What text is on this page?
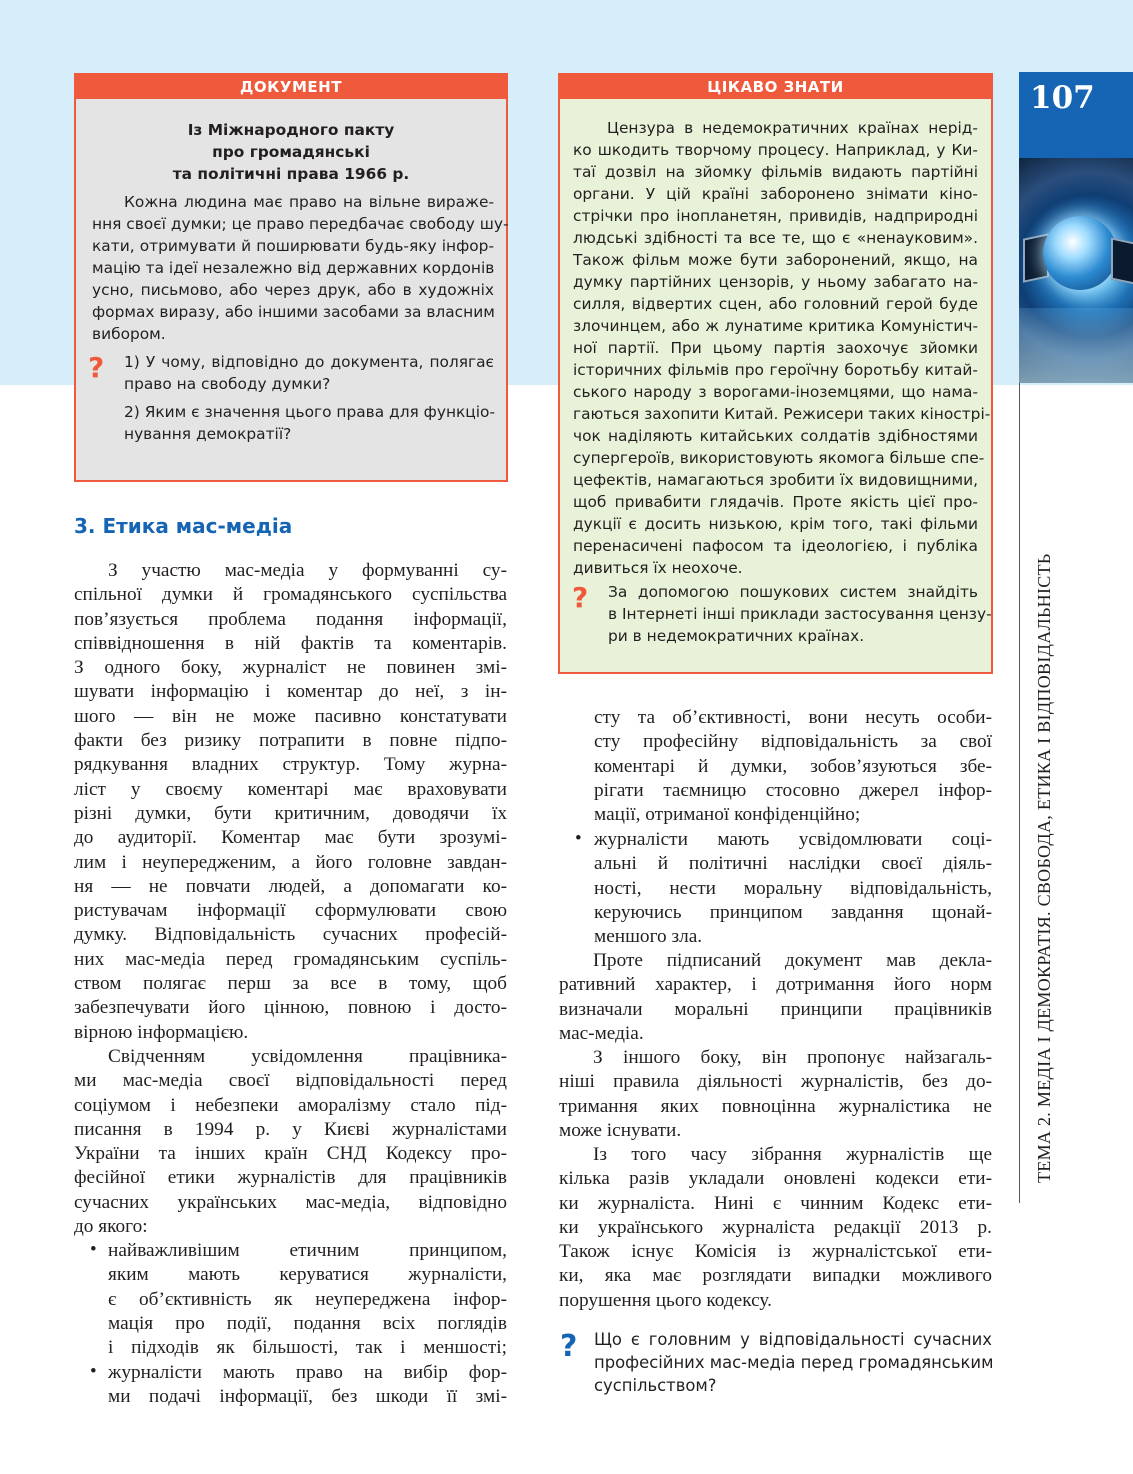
107
ТЕМА 2. МЕДІА І ДЕМОКРАТІЯ. СВОБОДА, ЕТИКА І ВІДПОВІДАЛЬНІСТЬ
ДОКУМЕНТ
Із Міжнародного пакту
про громадянські
та політичні права 1966 р.
Кожна людина має право на вільне вираже-
ння своєї думки; це право передбачає свободу шу-
кати, отримувати й поширювати будь-яку інфор-
мацію та ідеї незалежно від державних кордонів
усно, письмово, або через друк, або в художніх
формах виразу, або іншими засобами за власним
вибором.
? 1) У чому, відповідно до документа, полягає
право на свободу думки?
2) Яким є значення цього права для функціо-
нування демократії?
ЦІКАВО ЗНАТИ
Цензура в недемократичних країнах нерід-
ко шкодить творчому процесу. Наприклад, у Ки-
таї дозвіл на зйомку фільмів видають партійні
органи. У цій країні заборонено знімати кіно-
стрічки про інопланетян, привидів, надприродні
людські здібності та все те, що є «ненауковим».
Також фільм може бути заборонений, якщо, на
думку партійних цензорів, у ньому забагато на-
силля, відвертих сцен, або головний герой буде
злочинцем, або ж лунатиме критика Комуністич-
ної партії. При цьому партія заохочує зйомки
історичних фільмів про героїчну боротьбу китай-
ського народу з ворогами-іноземцями, що нама-
гаються захопити Китай. Режисери таких кінострі-
чок наділяють китайських солдатів здібностями
супергероїв, використовують якомога більше спе-
цефектів, намагаються зробити їх видовищними,
щоб привабити глядачів. Проте якість цієї про-
дукції є досить низькою, крім того, такі фільми
перенасичені пафосом та ідеологією, і публіка
дивиться їх неохоче.
? За допомогою пошукових систем знайдіть
в Інтернеті інші приклади застосування цензу-
ри в недемократичних країнах.
3. Етика мас-медіа
З участю мас-медіа у формуванні су-
спільної думки й громадянського суспільства
пов’язується проблема подання інформації,
співвідношення в ній фактів та коментарів.
З одного боку, журналіст не повинен змі-
шувати інформацію і коментар до неї, з ін-
шого — він не може пасивно констатувати
факти без ризику потрапити в повне підпо-
рядкування владних структур. Тому журна-
ліст у своєму коментарі має враховувати
різні думки, бути критичним, доводячи їх
до аудиторії. Коментар має бути зрозумі-
лим і неупередженим, а його головне завдан-
ня — не повчати людей, а допомагати ко-
ристувачам інформації сформулювати свою
думку. Відповідальність сучасних професій-
них мас-медіа перед громадянським суспіль-
ством полягає перш за все в тому, щоб
забезпечувати його цінною, повною і досто-
вірною інформацією.
Свідченням усвідомлення працівника-
ми мас-медіа своєї відповідальності перед
соціумом і небезпеки аморалізму стало під-
писання в 1994 р. у Києві журналістами
України та інших країн СНД Кодексу про-
фесійної етики журналістів для працівників
сучасних українських мас-медіа, відповідно
до якого:
• найважливішим етичним принципом,
яким мають керуватися журналісти,
є об’єктивність як неупереджена інфор-
мація про події, подання всіх поглядів
і підходів як більшості, так і меншості;
• журналісти мають право на вибір фор-
ми подачі інформації, без шкоди її змі-
сту та об’єктивності, вони несуть особи-
сту професійну відповідальність за свої
коментарі й думки, зобов’язуються збе-
рігати таємницю стосовно джерел інфор-
мації, отриманої конфіденційно;
• журналісти мають усвідомлювати соці-
альні й політичні наслідки своєї діяль-
ності, нести моральну відповідальність,
керуючись принципом завдання щонай-
меншого зла.
Проте підписаний документ мав декла-
ративний характер, і дотримання його норм
визначали моральні принципи працівників
мас-медіа.
З іншого боку, він пропонує найзагаль-
ніші правила діяльності журналістів, без до-
тримання яких повноцінна журналістика не
може існувати.
Із того часу зібрання журналістів ще
кілька разів укладали оновлені кодекси ети-
ки журналіста. Нині є чинним Кодекс ети-
ки українського журналіста редакції 2013 р.
Також існує Комісія із журналістської ети-
ки, яка має розглядати випадки можливого
порушення цього кодексу.
? Що є головним у відповідальності сучасних
професійних мас-медіа перед громадянським
суспільством?
